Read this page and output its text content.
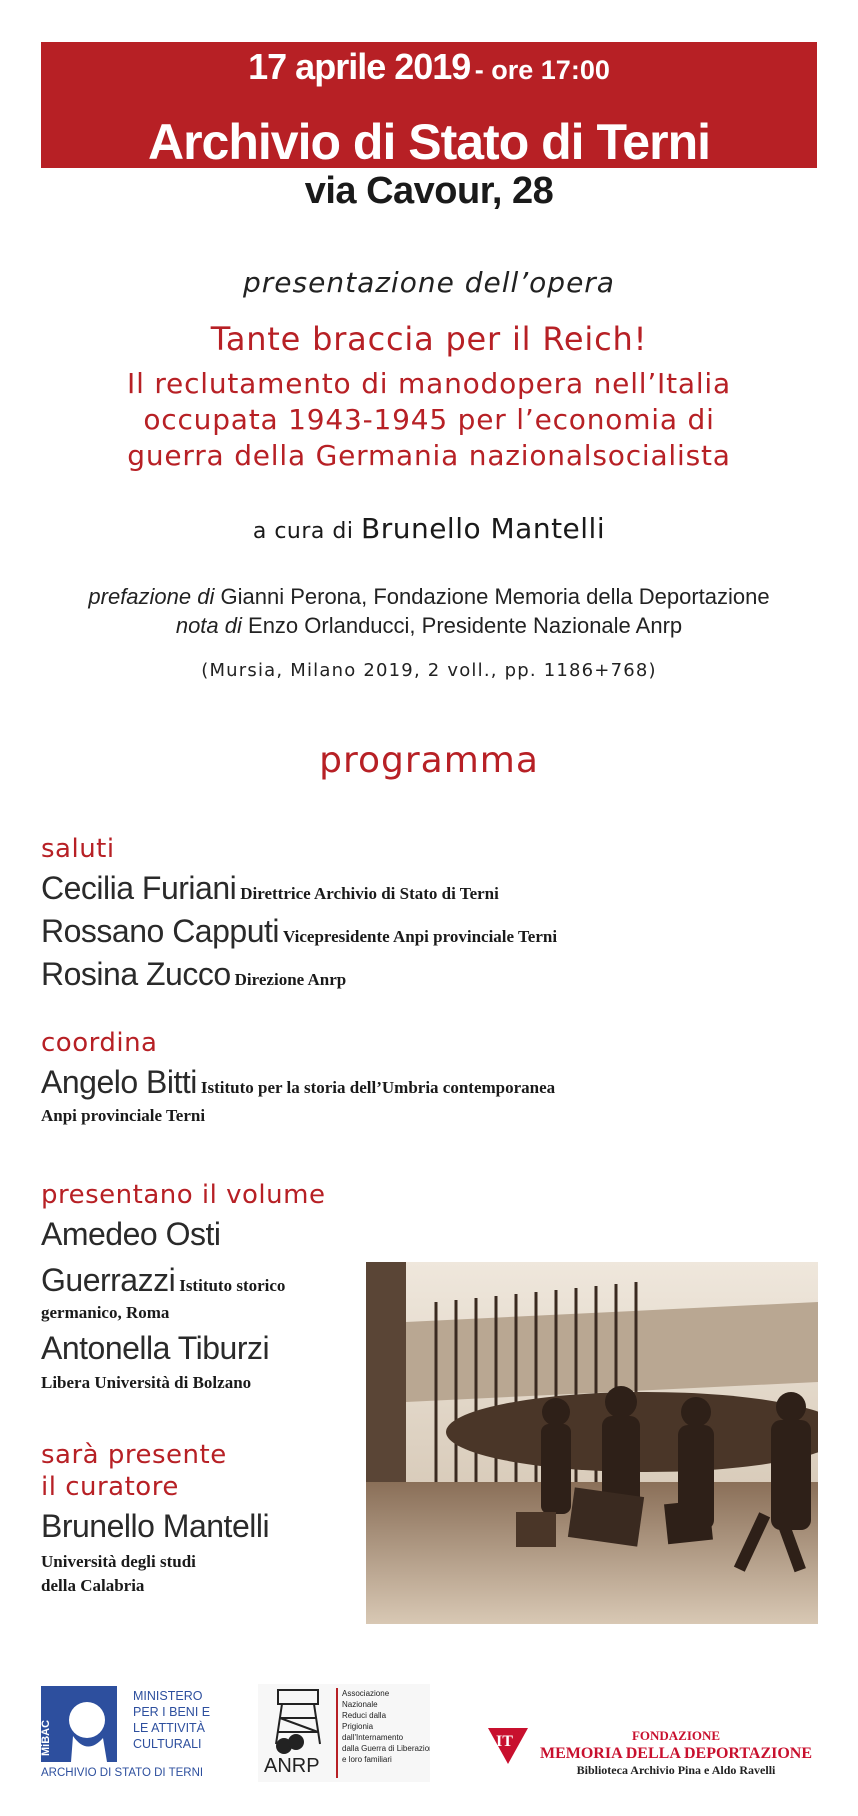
17 aprile 2019 - ore 17:00
Archivio di Stato di Terni
via Cavour, 28
presentazione dell’opera
Tante braccia per il Reich!
Il reclutamento di manodopera nell’Italia
occupata 1943-1945 per l’economia di
guerra della Germania nazionalsocialista
a cura di Brunello Mantelli
prefazione di Gianni Perona, Fondazione Memoria della Deportazione
nota di Enzo Orlanducci, Presidente Nazionale Anrp
(Mursia, Milano 2019, 2 voll., pp. 1186+768)
programma
saluti
Cecilia Furiani Direttrice Archivio di Stato di Terni
Rossano Capputi Vicepresidente Anpi provinciale Terni
Rosina Zucco Direzione Anrp
coordina
Angelo Bitti Istituto per la storia dell’Umbria contemporanea
Anpi provinciale Terni
presentano il volume
Amedeo Osti
Guerrazzi Istituto storico
germanico, Roma
Antonella Tiburzi
Libera Università di Bolzano
sarà presente
il curatore
Brunello Mantelli
Università degli studi
della Calabria
MiBAC
MINISTERO
PER I BENI E
LE ATTIVITÀ
CULTURALI
ARCHIVIO DI STATO DI TERNI	ANRP
Associazione
Nazionale
Reduci dalla
Prigionia
dall'Internamento
dalla Guerra di Liberazione
e loro familiari
IT	FONDAZIONE
MEMORIA DELLA DEPORTAZIONE
Biblioteca Archivio Pina e Aldo Ravelli
